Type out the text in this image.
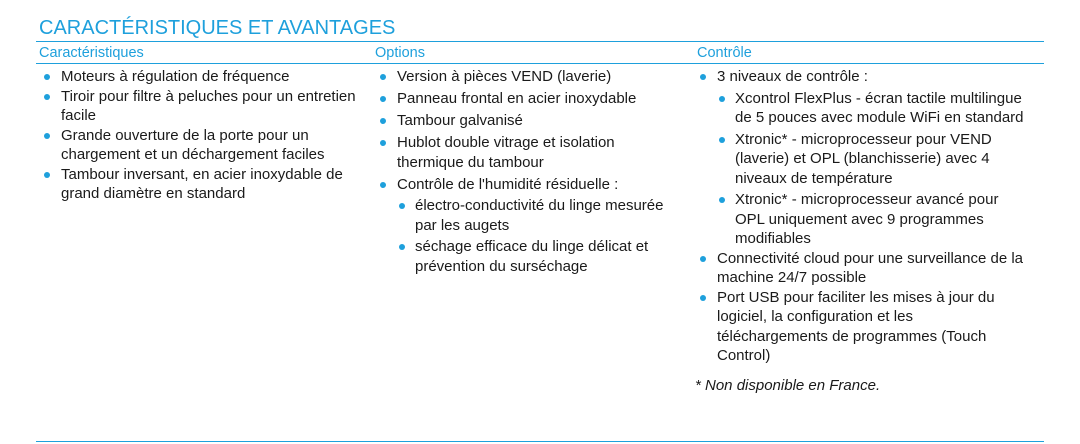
CARACTÉRISTIQUES ET AVANTAGES
Caractéristiques	Options	Contrôle
Moteurs à régulation de fréquence
Tiroir pour filtre à peluches pour un entretien facile
Grande ouverture de la porte pour un chargement et un déchargement faciles
Tambour inversant, en acier inoxydable de grand diamètre en standard
Version à pièces VEND (laverie)
Panneau frontal en acier inoxydable
Tambour galvanisé
Hublot double vitrage et isolation thermique du tambour
Contrôle de l'humidité résiduelle :
électro-conductivité du linge mesurée par les augets
séchage efficace du linge délicat et prévention du surséchage
3 niveaux de contrôle :
Xcontrol FlexPlus - écran tactile multilingue de 5 pouces avec module WiFi en standard
Xtronic* - microprocesseur pour VEND (laverie) et OPL (blanchisserie) avec 4 niveaux de température
Xtronic* - microprocesseur avancé pour OPL uniquement avec 9 programmes modifiables
Connectivité cloud pour une surveillance de la machine 24/7 possible
Port USB pour faciliter les mises à jour du logiciel, la configuration et les téléchargements de programmes (Touch Control)
* Non disponible en France.
